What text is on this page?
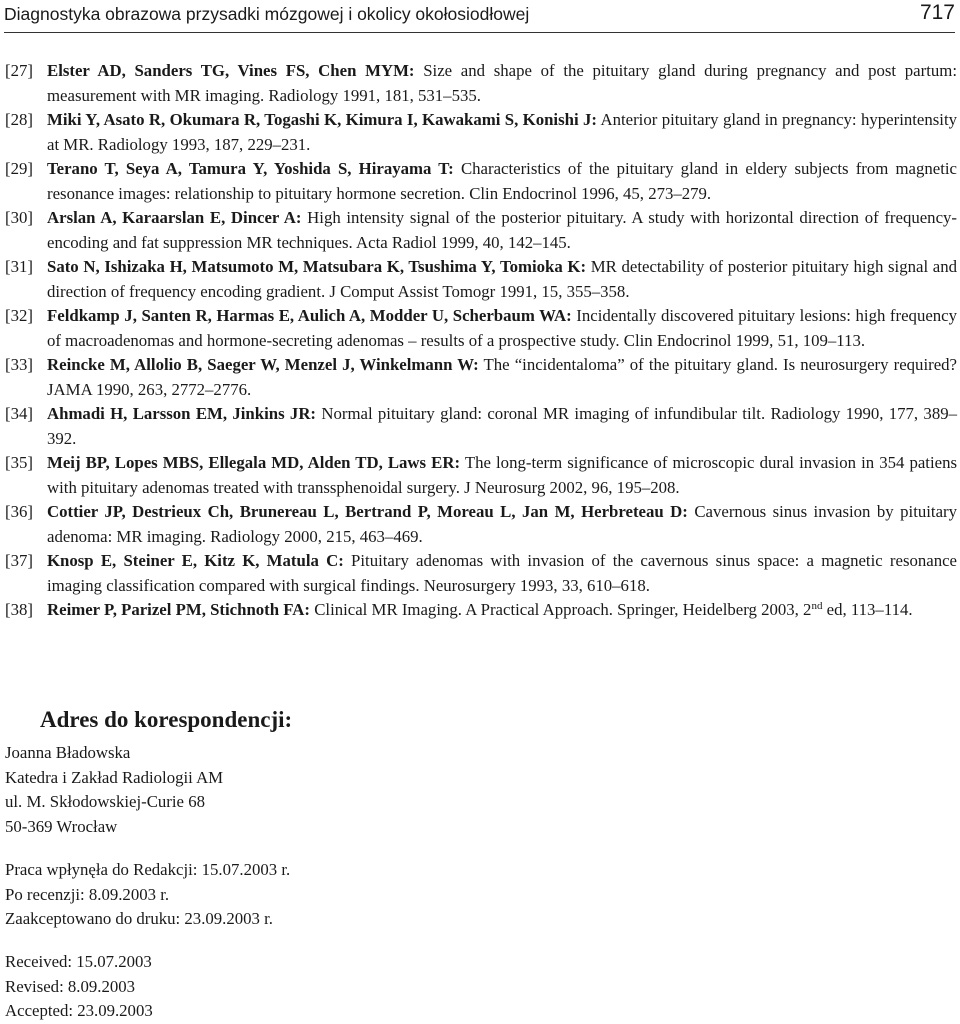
Diagnostyka obrazowa przysadki mózgowej i okolicy okołosiodłowej	717
[27] Elster AD, Sanders TG, Vines FS, Chen MYM: Size and shape of the pituitary gland during pregnancy and post partum: measurement with MR imaging. Radiology 1991, 181, 531–535.
[28] Miki Y, Asato R, Okumara R, Togashi K, Kimura I, Kawakami S, Konishi J: Anterior pituitary gland in pregnancy: hyperintensity at MR. Radiology 1993, 187, 229–231.
[29] Terano T, Seya A, Tamura Y, Yoshida S, Hirayama T: Characteristics of the pituitary gland in eldery subjects from magnetic resonance images: relationship to pituitary hormone secretion. Clin Endocrinol 1996, 45, 273–279.
[30] Arslan A, Karaarslan E, Dincer A: High intensity signal of the posterior pituitary. A study with horizontal direction of frequency-encoding and fat suppression MR techniques. Acta Radiol 1999, 40, 142–145.
[31] Sato N, Ishizaka H, Matsumoto M, Matsubara K, Tsushima Y, Tomioka K: MR detectability of posterior pituitary high signal and direction of frequency encoding gradient. J Comput Assist Tomogr 1991, 15, 355–358.
[32] Feldkamp J, Santen R, Harmas E, Aulich A, Modder U, Scherbaum WA: Incidentally discovered pituitary lesions: high frequency of macroadenomas and hormone-secreting adenomas – results of a prospective study. Clin Endocrinol 1999, 51, 109–113.
[33] Reincke M, Allolio B, Saeger W, Menzel J, Winkelmann W: The “incidentaloma” of the pituitary gland. Is neurosurgery required? JAMA 1990, 263, 2772–2776.
[34] Ahmadi H, Larsson EM, Jinkins JR: Normal pituitary gland: coronal MR imaging of infundibular tilt. Radiology 1990, 177, 389–392.
[35] Meij BP, Lopes MBS, Ellegala MD, Alden TD, Laws ER: The long-term significance of microscopic dural invasion in 354 patiens with pituitary adenomas treated with transsphenoidal surgery. J Neurosurg 2002, 96, 195–208.
[36] Cottier JP, Destrieux Ch, Brunereau L, Bertrand P, Moreau L, Jan M, Herbreteau D: Cavernous sinus invasion by pituitary adenoma: MR imaging. Radiology 2000, 215, 463–469.
[37] Knosp E, Steiner E, Kitz K, Matula C: Pituitary adenomas with invasion of the cavernous sinus space: a magnetic resonance imaging classification compared with surgical findings. Neurosurgery 1993, 33, 610–618.
[38] Reimer P, Parizel PM, Stichnoth FA: Clinical MR Imaging. A Practical Approach. Springer, Heidelberg 2003, 2nd ed, 113–114.
Adres do korespondencji:
Joanna Bładowska
Katedra i Zakład Radiologii AM
ul. M. Skłodowskiej-Curie 68
50-369 Wrocław
Praca wpłynęła do Redakcji: 15.07.2003 r.
Po recenzji: 8.09.2003 r.
Zaakceptowano do druku: 23.09.2003 r.
Received: 15.07.2003
Revised: 8.09.2003
Accepted: 23.09.2003
